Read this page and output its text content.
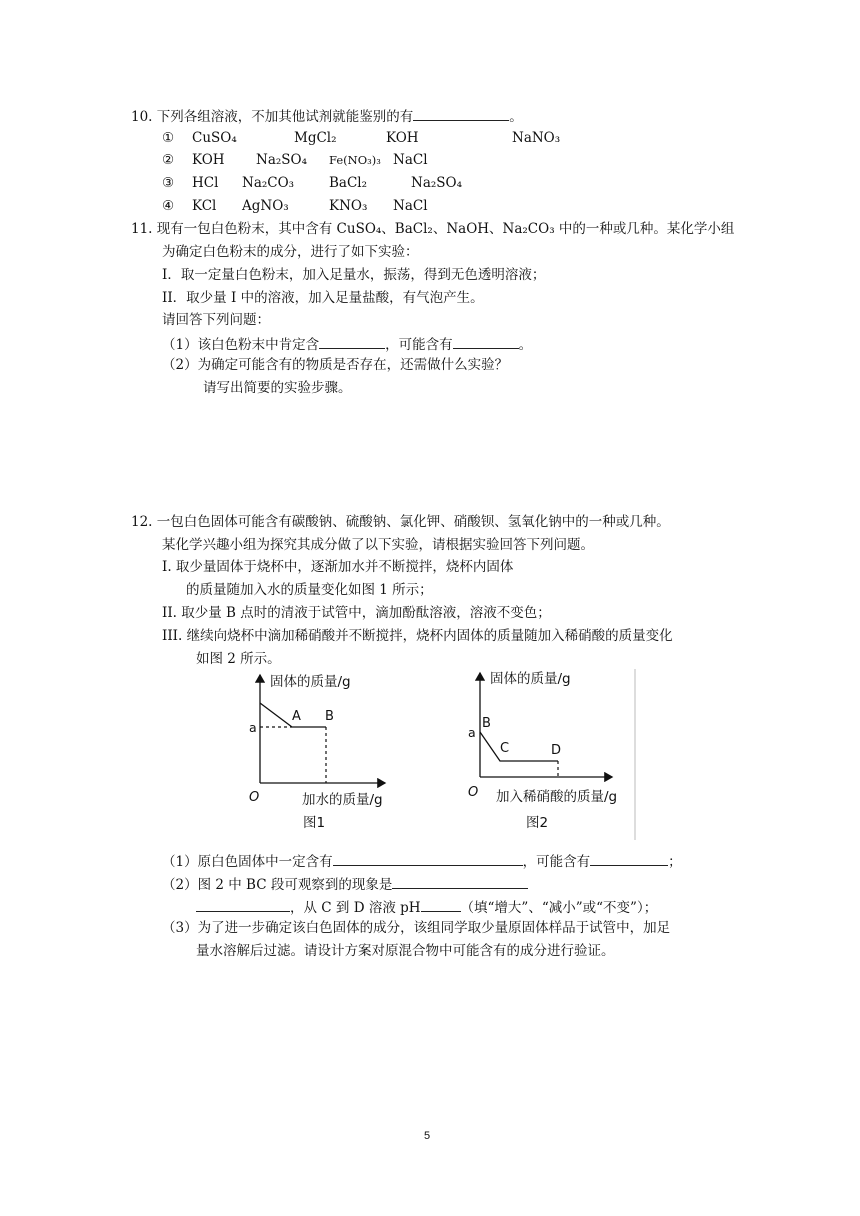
10. 下列各组溶液，不加其他试剂就能鉴别的有	。
① CuSO₄	MgCl₂	KOH	NaNO₃
② KOH Na₂SO₄ Fe(NO₃)₃ NaCl
③ HCl Na₂CO₃	BaCl₂	Na₂SO₄
④ KCl AgNO₃	KNO₃ NaCl
11. 现有一包白色粉末，其中含有 CuSO₄、BaCl₂、NaOH、Na₂CO₃ 中的一种或几种。某化学小组
为确定白色粉末的成分，进行了如下实验：
I．取一定量白色粉末，加入足量水，振荡，得到无色透明溶液；
II．取少量 I 中的溶液，加入足量盐酸，有气泡产生。
请回答下列问题：
（1）该白色粉末中肯定含	，可能含有	。
（2）为确定可能含有的物质是否存在，还需做什么实验？
请写出简要的实验步骤。
12. 一包白色固体可能含有碳酸钠、硫酸钠、氯化钾、硝酸钡、氢氧化钠中的一种或几种。
某化学兴趣小组为探究其成分做了以下实验，请根据实验回答下列问题。
I. 取少量固体于烧杯中，逐渐加水并不断搅拌，烧杯内固体
的质量随加入水的质量变化如图 1 所示；
II. 取少量 B 点时的清液于试管中，滴加酚酞溶液，溶液不变色；
III. 继续向烧杯中滴加稀硝酸并不断搅拌，烧杯内固体的质量随加入稀硝酸的质量变化
如图 2 所示。
固体的质量/g
加水的质量/g
图1
O
a
A B
固体的质量/g
加入稀硝酸的质量/g
图2
O
a
B
C	D
（1）原白色固体中一定含有	，可能含有	；
（2）图 2 中 BC 段可观察到的现象是
，从 C 到 D 溶液 pH	（填“增大”、“减小”或“不变”）；
（3）为了进一步确定该白色固体的成分，该组同学取少量原固体样品于试管中，加足
量水溶解后过滤。请设计方案对原混合物中可能含有的成分进行验证。
5
